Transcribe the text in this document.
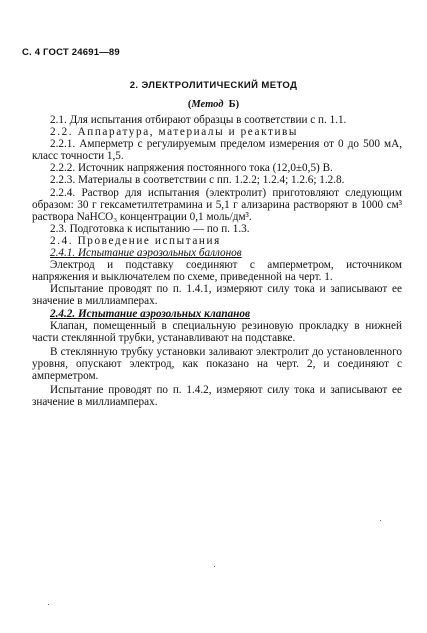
С. 4 ГОСТ 24691—89
2. ЭЛЕКТРОЛИТИЧЕСКИЙ МЕТОД
(Метод Б)

2.1. Для испытания отбирают образцы в соответствии с п. 1.1.

2.2. Аппаратура, материалы и реактивы

2.2.1. Амперметр с регулируемым пределом измерения от 0 до 500 мА, класс точности 1,5.

2.2.2. Источник напряжения постоянного тока (12,0±0,5) В.

2.2.3. Материалы в соответствии с пп. 1.2.2; 1.2.4; 1.2.6; 1.2.8.

2.2.4. Раствор для испытания (электролит) приготовляют следующим образом: 30 г гексаметилтетрамина и 5,1 г ализарина растворяют в 1000 см³ раствора NaHCO₃ концентрации 0,1 моль/дм³.

2.3. Подготовка к испытанию — по п. 1.3.

2.4. Проведение испытания

2.4.1. Испытание аэрозольных баллонов

Электрод и подставку соединяют с амперметром, источником напряжения и выключателем по схеме, приведенной на черт. 1.

Испытание проводят по п. 1.4.1, измеряют силу тока и записывают ее значение в миллиамперах.

2.4.2. Испытание аэрозольных клапанов

Клапан, помещенный в специальную резиновую прокладку в нижней части стеклянной трубки, устанавливают на подставке.

В стеклянную трубку установки заливают электролит до установленного уровня, опускают электрод, как показано на черт. 2, и соединяют с амперметром.

Испытание проводят по п. 1.4.2, измеряют силу тока и записывают ее значение в миллиамперах.
